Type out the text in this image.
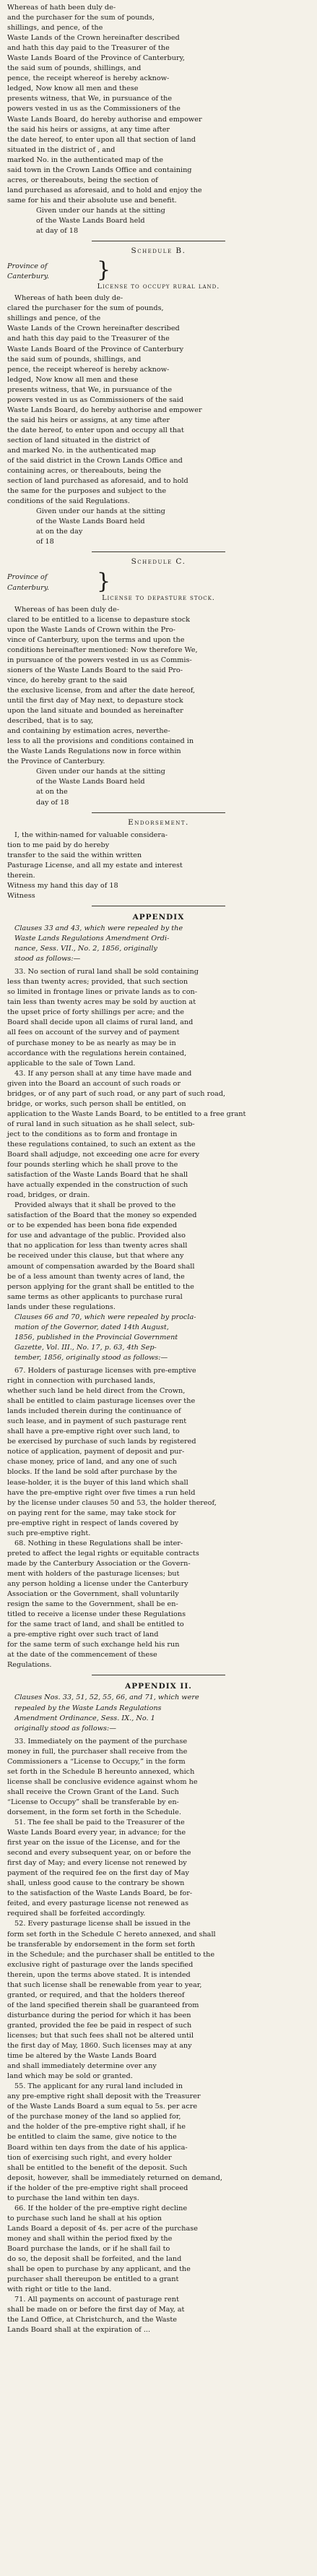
Whereas of hath been duly de-
and the purchaser for the sum of pounds,
shillings, and pence, of the
Waste Lands of the Crown hereinafter described
and hath this day paid to the Treasurer of the
Waste Lands Board of the Province of Canterbury,
the said sum of pounds, shillings, and
pence, the receipt whereof is hereby acknow-
ledged, Now know all men and these
presents witness, that We, in pursuance of the
powers vested in us as the Commissioners of the
Waste Lands Board, do hereby authorise and empower
the said his heirs or assigns, at any time after
the date hereof, to enter upon all that section of land
situated in the district of , and
marked No. in the authenticated map of the
said town in the Crown Lands Office and containing
acres, or thereabouts, being the section of
land purchased as aforesaid, and to hold and enjoy the
same for his and their absolute use and benefit.
Given under our hands at the sitting
of the Waste Lands Board held
at day of 18
Schedule B.
Province of
Canterbury.	}
License to occupy rural land.
Whereas of hath been duly de-
clared the purchaser for the sum of pounds,
shillings and pence, of the
Waste Lands of the Crown hereinafter described
and hath this day paid to the Treasurer of the
Waste Lands Board of the Province of Canterbury
the said sum of pounds, shillings, and
pence, the receipt whereof is hereby acknow-
ledged, Now know all men and these
presents witness, that We, in pursuance of the
powers vested in us as Commissioners of the said
Waste Lands Board, do hereby authorise and empower
the said his heirs or assigns, at any time after
the date hereof, to enter upon and occupy all that
section of land situated in the district of
and marked No. in the authenticated map
of the said district in the Crown Lands Office and
containing acres, or thereabouts, being the
section of land purchased as aforesaid, and to hold
the same for the purposes and subject to the
conditions of the said Regulations.
Given under our hands at the sitting
of the Waste Lands Board held
at on the day
of 18
Schedule C.
Province of
Canterbury.	}
License to depasture stock.
Whereas of has been duly de-
clared to be entitled to a license to depasture stock
upon the Waste Lands of Crown within the Pro-
vince of Canterbury, upon the terms and upon the
conditions hereinafter mentioned: Now therefore We,
in pursuance of the powers vested in us as Commis-
sioners of the Waste Lands Board to the said Pro-
vince, do hereby grant to the said
the exclusive license, from and after the date hereof,
until the first day of May next, to depasture stock
upon the land situate and bounded as hereinafter
described, that is to say,
and containing by estimation acres, neverthe-
less to all the provisions and conditions contained in
the Waste Lands Regulations now in force within
the Province of Canterbury.
Given under our hands at the sitting
of the Waste Lands Board held
at on the
day of 18
Endorsement.
I, the within-named for valuable considera-
tion to me paid by do hereby
transfer to the said the within written
Pasturage License, and all my estate and interest
therein.
Witness my hand this day of 18
Witness
APPENDIX
Clauses 33 and 43, which were repealed by the
Waste Lands Regulations Amendment Ordi-
nance, Sess. VII., No. 2, 1856, originally
stood as follows:—
33. No section of rural land shall be sold containing
less than twenty acres; provided, that such section
so limited in frontage lines or private lands as to con-
tain less than twenty acres may be sold by auction at
the upset price of forty shillings per acre; and the
Board shall decide upon all claims of rural land, and
all fees on account of the survey and of payment
of purchase money to be as nearly as may be in
accordance with the regulations herein contained,
applicable to the sale of Town Land.
43. If any person shall at any time have made and
given into the Board an account of such roads or
bridges, or of any part of such road, or any part of such road,
bridge, or works, such person shall be entitled, on
application to the Waste Lands Board, to be entitled to a free grant
of rural land in such situation as he shall select, sub-
ject to the conditions as to form and frontage in
these regulations contained, to such an extent as the
Board shall adjudge, not exceeding one acre for every
four pounds sterling which he shall prove to the
satisfaction of the Waste Lands Board that he shall
have actually expended in the construction of such
road, bridges, or drain.
Provided always that it shall be proved to the
satisfaction of the Board that the money so expended
or to be expended has been bona fide expended
for use and advantage of the public. Provided also
that no application for less than twenty acres shall
be received under this clause, but that where any
amount of compensation awarded by the Board shall
be of a less amount than twenty acres of land, the
person applying for the grant shall be entitled to the
same terms as other applicants to purchase rural
lands under these regulations.
Clauses 66 and 70, which were repealed by procla-
mation of the Governor, dated 14th August,
1856, published in the Provincial Government
Gazette, Vol. III., No. 17, p. 63, 4th Sep-
tember, 1856, originally stood as follows:—
67. Holders of pasturage licenses with pre-emptive
right in connection with purchased lands,
whether such land be held direct from the Crown,
shall be entitled to claim pasturage licenses over the
lands included therein during the continuance of
such lease, and in payment of such pasturage rent
shall have a pre-emptive right over such land, to
be exercised by purchase of such lands by registered
notice of application, payment of deposit and pur-
chase money, price of land, and any one of such
blocks. If the land be sold after purchase by the
lease-holder, it is the buyer of this land which shall
have the pre-emptive right over five times a run held
by the license under clauses 50 and 53, the holder thereof,
on paying rent for the same, may take stock for
pre-emptive right in respect of lands covered by
such pre-emptive right.
68. Nothing in these Regulations shall be inter-
preted to affect the legal rights or equitable contracts
made by the Canterbury Association or the Govern-
ment with holders of the pasturage licenses; but
any person holding a license under the Canterbury
Association or the Government, shall voluntarily
resign the same to the Government, shall be en-
titled to receive a license under these Regulations
for the same tract of land, and shall be entitled to
a pre-emptive right over such tract of land
for the same term of such exchange held his run
at the date of the commencement of these
Regulations.
APPENDIX II.
Clauses Nos. 33, 51, 52, 55, 66, and 71, which were
repealed by the Waste Lands Regulations
Amendment Ordinance, Sess. IX., No. 1
originally stood as follows:—
33. Immediately on the payment of the purchase
money in full, the purchaser shall receive from the
Commissioners a “License to Occupy,” in the form
set forth in the Schedule B hereunto annexed, which
license shall be conclusive evidence against whom he
shall receive the Crown Grant of the Land. Such
“License to Occupy” shall be transferable by en-
dorsement, in the form set forth in the Schedule.
51. The fee shall be paid to the Treasurer of the
Waste Lands Board every year, in advance; for the
first year on the issue of the License, and for the
second and every subsequent year, on or before the
first day of May; and every license not renewed by
payment of the required fee on the first day of May
shall, unless good cause to the contrary be shown
to the satisfaction of the Waste Lands Board, be for-
feited, and every pasturage license not renewed as
required shall be forfeited accordingly.
52. Every pasturage license shall be issued in the
form set forth in the Schedule C hereto annexed, and shall
be transferable by endorsement in the form set forth
in the Schedule; and the purchaser shall be entitled to the
exclusive right of pasturage over the lands specified
therein, upon the terms above stated. It is intended
that such license shall be renewable from year to year,
granted, or required, and that the holders thereof
of the land specified therein shall be guaranteed from
disturbance during the period for which it has been
granted, provided the fee be paid in respect of such
licenses; but that such fees shall not be altered until
the first day of May, 1860. Such licenses may at any
time be altered by the Waste Lands Board
and shall immediately determine over any
land which may be sold or granted.
55. The applicant for any rural land included in
any pre-emptive right shall deposit with the Treasurer
of the Waste Lands Board a sum equal to 5s. per acre
of the purchase money of the land so applied for,
and the holder of the pre-emptive right shall, if he
be entitled to claim the same, give notice to the
Board within ten days from the date of his applica-
tion of exercising such right, and every holder
shall be entitled to the benefit of the deposit. Such
deposit, however, shall be immediately returned on demand,
if the holder of the pre-emptive right shall proceed
to purchase the land within ten days.
66. If the holder of the pre-emptive right decline
to purchase such land he shall at his option
Lands Board a deposit of 4s. per acre of the purchase
money and shall within the period fixed by the
Board purchase the lands, or if he shall fail to
do so, the deposit shall be forfeited, and the land
shall be open to purchase by any applicant, and the
purchaser shall thereupon be entitled to a grant
with right or title to the land.
71. All payments on account of pasturage rent
shall be made on or before the first day of May, at
the Land Office, at Christchurch, and the Waste
Lands Board shall at the expiration of ...
